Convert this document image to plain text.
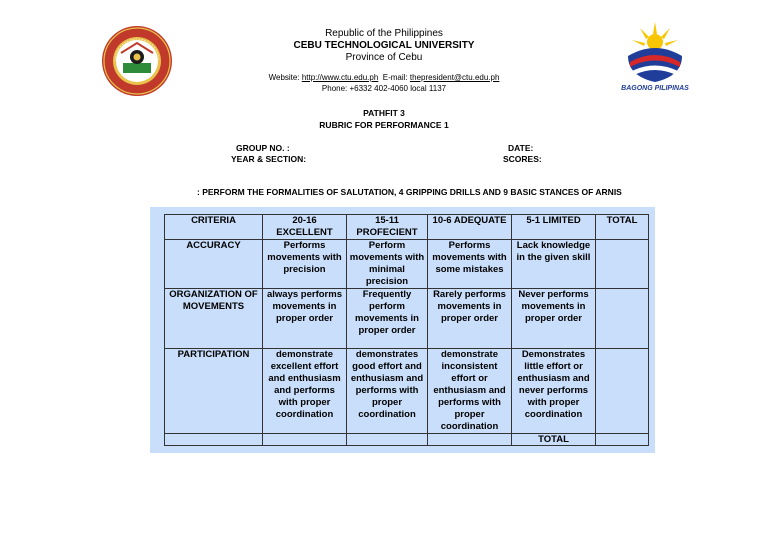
BAGONG PILIPINAS
Republic of the Philippines
CEBU TECHNOLOGICAL UNIVERSITY
Province of Cebu
Website: http://www.ctu.edu.ph E-mail: thepresident@ctu.edu.ph
Phone: +6332 402-4060 local 1137
PATHFIT 3
RUBRIC FOR PERFORMANCE 1
GROUP NO. :
YEAR & SECTION:
DATE:
SCORES:
: PERFORM THE FORMALITIES OF SALUTATION, 4 GRIPPING DRILLS AND 9 BASIC STANCES OF ARNIS
CRITERIA	20-16 EXCELLENT	15-11 PROFECIENT	10-6 ADEQUATE	5-1 LIMITED	TOTAL
ACCURACY	Performs movements with precision	Perform movements with minimal precision	Performs movements with some mistakes	Lack knowledge in the given skill	
ORGANIZATION OF MOVEMENTS	always performs movements in proper order	Frequently perform movements in proper order	Rarely performs movements in proper order	Never performs movements in proper order	
PARTICIPATION	demonstrate excellent effort and enthusiasm and performs with proper coordination	demonstrates good effort and enthusiasm and performs with proper coordination	demonstrate inconsistent effort or enthusiasm and performs with proper coordination	Demonstrates little effort or enthusiasm and never performs with proper coordination	
				TOTAL	
